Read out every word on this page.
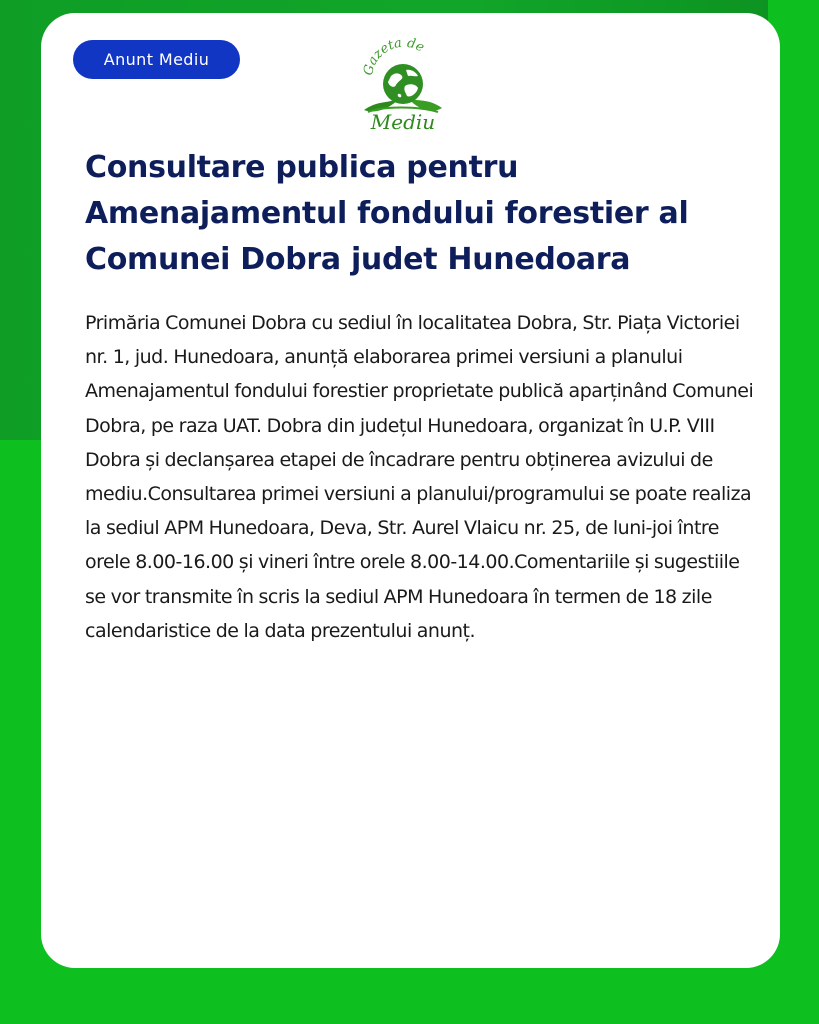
Anunt Mediu
Gazeta de
Mediu
Consultare publica pentru Amenajamentul fondului forestier al Comunei Dobra judet Hunedoara

Primăria Comunei Dobra cu sediul în localitatea Dobra, Str. Piața Victoriei nr. 1, jud. Hunedoara, anunță elaborarea primei versiuni a planului Amenajamentul fondului forestier proprietate publică aparținând Comunei Dobra, pe raza UAT. Dobra din județul Hunedoara, organizat în U.P. VIII Dobra și declanșarea etapei de încadrare pentru obținerea avizului de mediu.Consultarea primei versiuni a planului/programului se poate realiza la sediul APM Hunedoara, Deva, Str. Aurel Vlaicu nr. 25, de luni-joi între orele 8.00-16.00 și vineri între orele 8.00-14.00.Comentariile și sugestiile se vor transmite în scris la sediul APM Hunedoara în termen de 18 zile calendaristice de la data prezentului anunț.
